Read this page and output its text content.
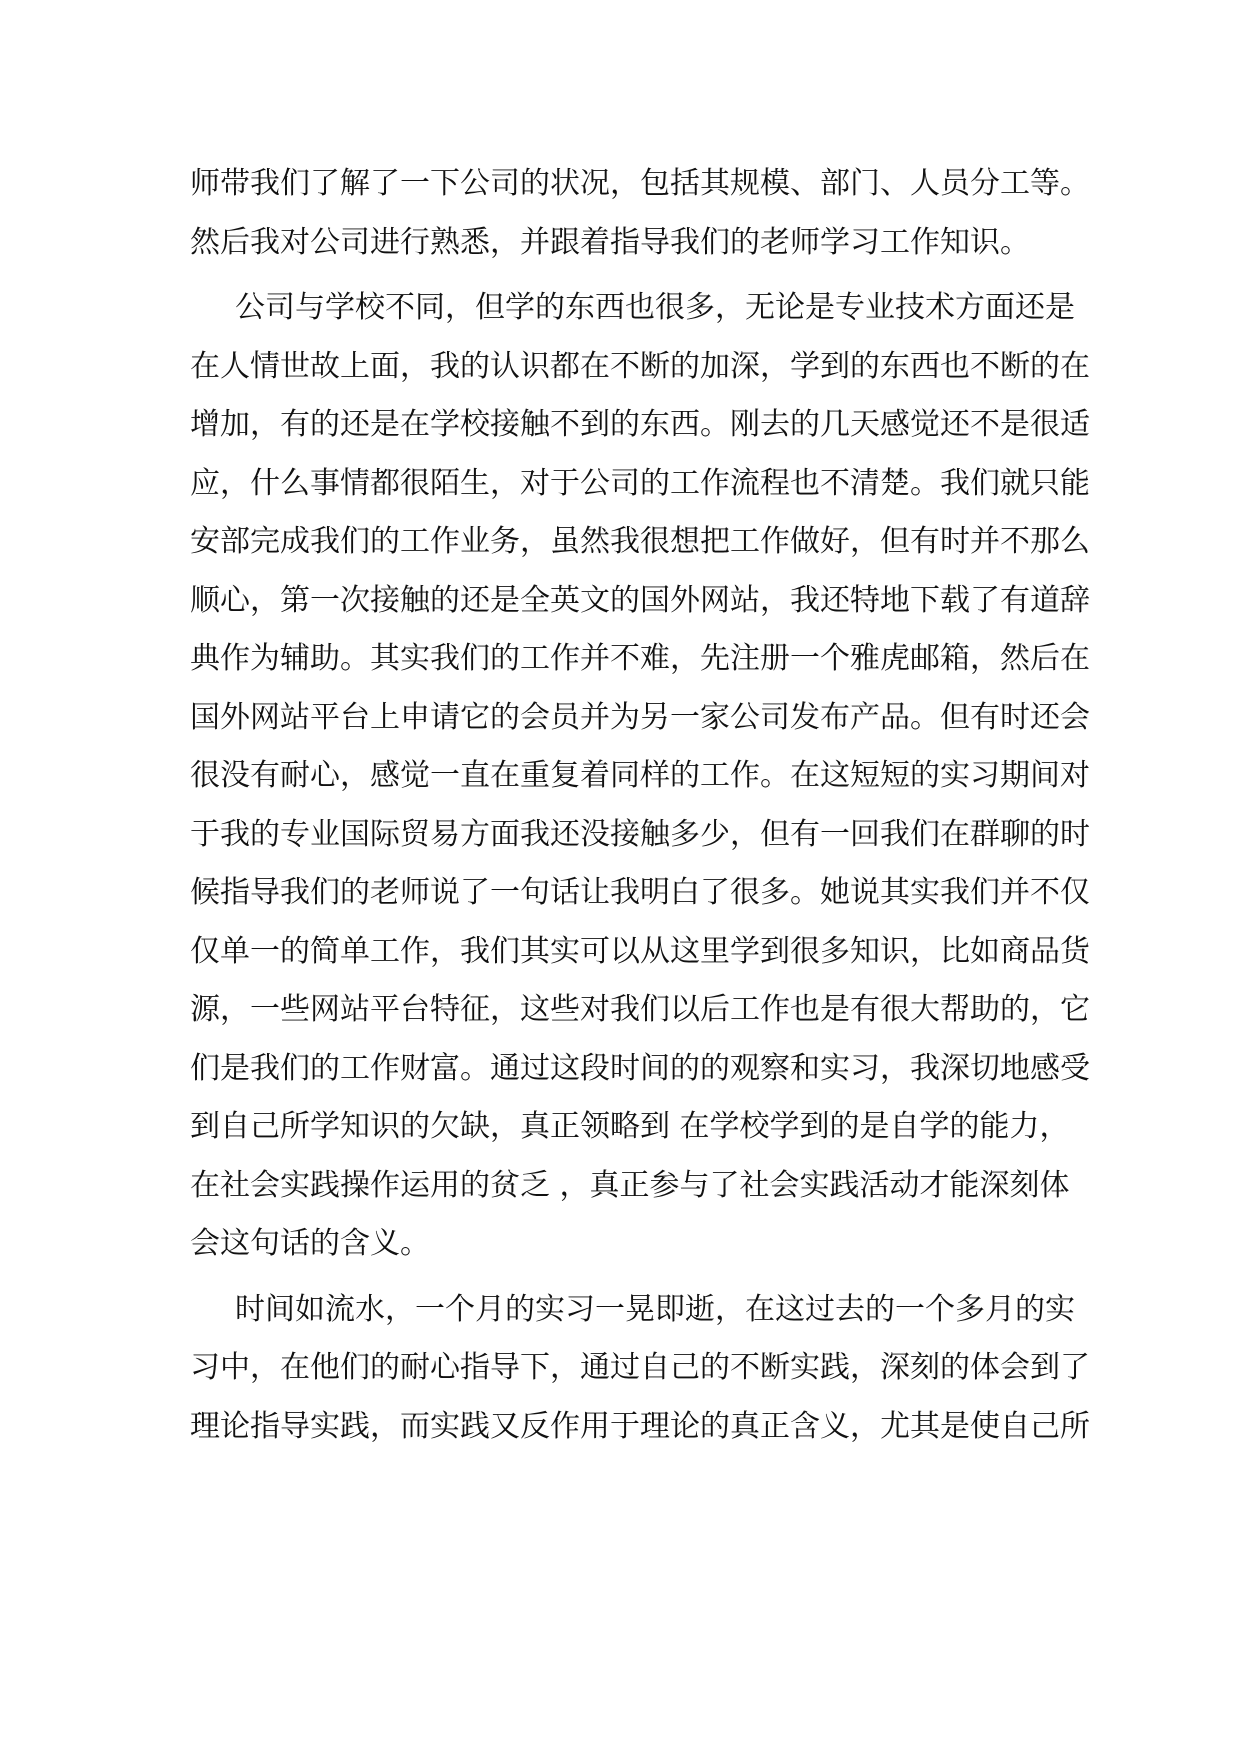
师带我们了解了一下公司的状况，包括其规模、部门、人员分工等。
然后我对公司进行熟悉，并跟着指导我们的老师学习工作知识。
公司与学校不同，但学的东西也很多，无论是专业技术方面还是
在人情世故上面，我的认识都在不断的加深，学到的东西也不断的在
增加，有的还是在学校接触不到的东西。刚去的几天感觉还不是很适
应，什么事情都很陌生，对于公司的工作流程也不清楚。我们就只能
安部完成我们的工作业务，虽然我很想把工作做好，但有时并不那么
顺心，第一次接触的还是全英文的国外网站，我还特地下载了有道辞
典作为辅助。其实我们的工作并不难，先注册一个雅虎邮箱，然后在
国外网站平台上申请它的会员并为另一家公司发布产品。但有时还会
很没有耐心，感觉一直在重复着同样的工作。在这短短的实习期间对
于我的专业国际贸易方面我还没接触多少，但有一回我们在群聊的时
候指导我们的老师说了一句话让我明白了很多。她说其实我们并不仅
仅单一的简单工作，我们其实可以从这里学到很多知识，比如商品货
源，一些网站平台特征，这些对我们以后工作也是有很大帮助的，它
们是我们的工作财富。通过这段时间的的观察和实习，我深切地感受
到自己所学知识的欠缺，真正领略到 在学校学到的是自学的能力，
在社会实践操作运用的贫乏 ，真正参与了社会实践活动才能深刻体
会这句话的含义。
时间如流水，一个月的实习一晃即逝，在这过去的一个多月的实
习中，在他们的耐心指导下，通过自己的不断实践，深刻的体会到了
理论指导实践，而实践又反作用于理论的真正含义，尤其是使自己所
